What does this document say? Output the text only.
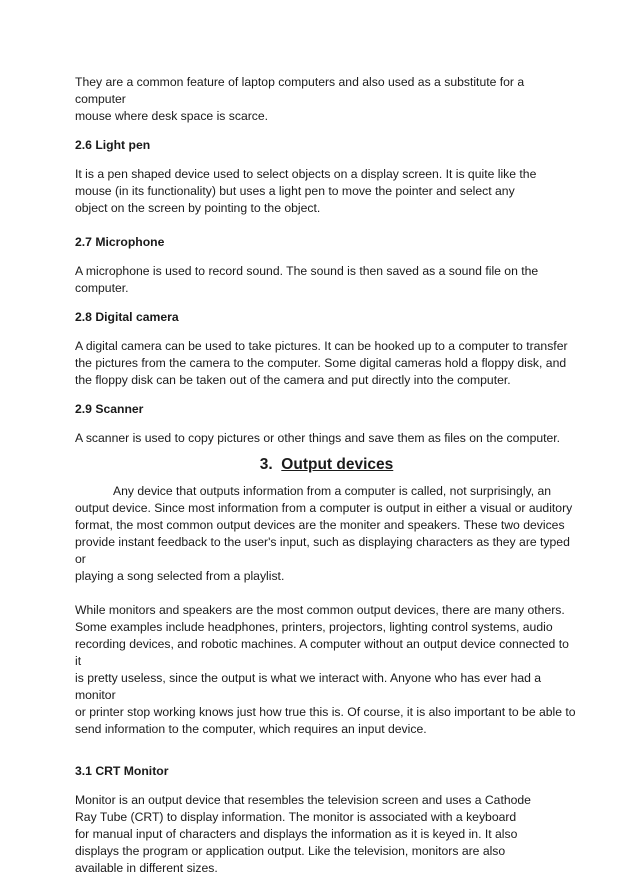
They are a common feature of laptop computers and also used as a substitute for a computer
mouse where desk space is scarce.

2.6 Light pen

It is a pen shaped device used to select objects on a display screen. It is quite like the
mouse (in its functionality) but uses a light pen to move the pointer and select any
object on the screen by pointing to the object.

2.7 Microphone

A microphone is used to record sound. The sound is then saved as a sound file on the
computer.

2.8 Digital camera

A digital camera can be used to take pictures. It can be hooked up to a computer to transfer
the pictures from the camera to the computer. Some digital cameras hold a floppy disk, and
the floppy disk can be taken out of the camera and put directly into the computer.

2.9 Scanner

A scanner is used to copy pictures or other things and save them as files on the computer.

3. Output devices

Any device that outputs information from a computer is called, not surprisingly, an
output device. Since most information from a computer is output in either a visual or auditory
format, the most common output devices are the moniter and speakers. These two devices
provide instant feedback to the user's input, such as displaying characters as they are typed or
playing a song selected from a playlist.

While monitors and speakers are the most common output devices, there are many others.
Some examples include headphones, printers, projectors, lighting control systems, audio
recording devices, and robotic machines. A computer without an output device connected to it
is pretty useless, since the output is what we interact with. Anyone who has ever had a monitor
or printer stop working knows just how true this is. Of course, it is also important to be able to
send information to the computer, which requires an input device.

3.1 CRT Monitor

Monitor is an output device that resembles the television screen and uses a Cathode
Ray Tube (CRT) to display information. The monitor is associated with a keyboard
for manual input of characters and displays the information as it is keyed in. It also
displays the program or application output. Like the television, monitors are also
available in different sizes.
